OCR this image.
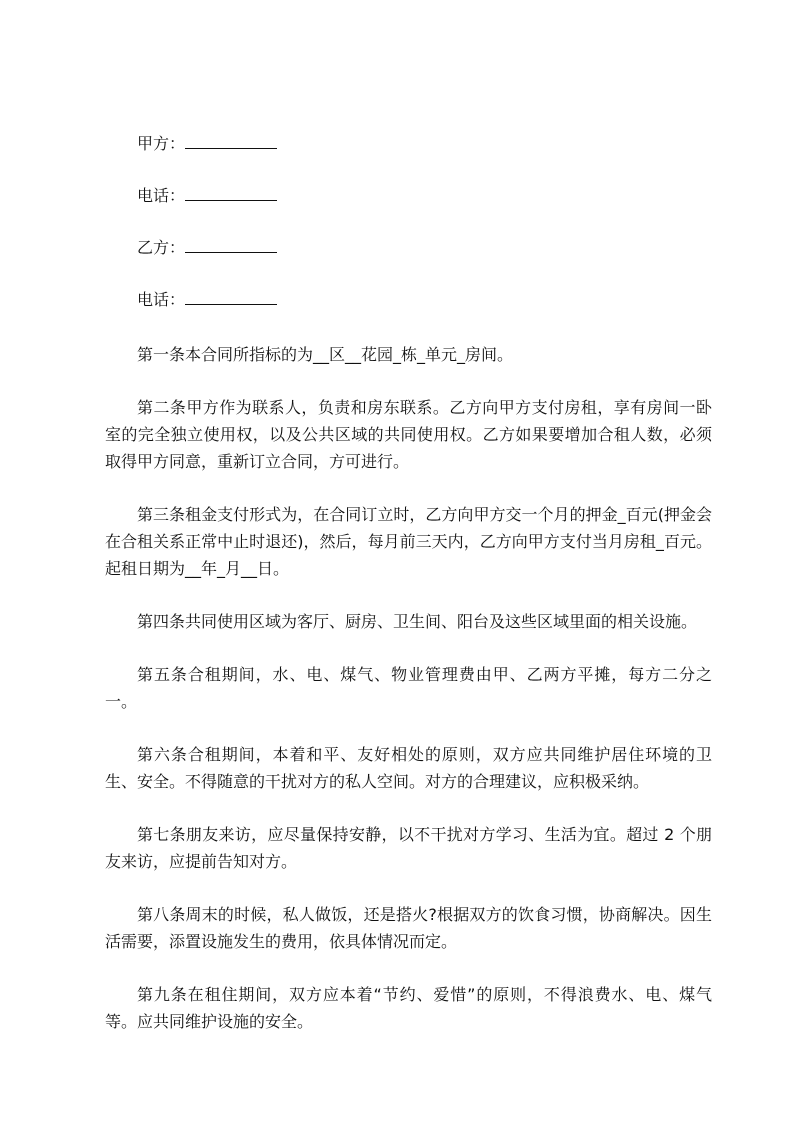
甲方：
电话：
乙方：
电话：

第一条本合同所指标的为__区__花园_栋_单元_房间。

第二条甲方作为联系人，负责和房东联系。乙方向甲方支付房租，享有房间一卧室的完全独立使用权，以及公共区域的共同使用权。乙方如果要增加合租人数，必须取得甲方同意，重新订立合同，方可进行。

第三条租金支付形式为，在合同订立时，乙方向甲方交一个月的押金_百元(押金会在合租关系正常中止时退还)，然后，每月前三天内，乙方向甲方支付当月房租_百元。起租日期为__年_月__日。

第四条共同使用区域为客厅、厨房、卫生间、阳台及这些区域里面的相关设施。

第五条合租期间，水、电、煤气、物业管理费由甲、乙两方平摊，每方二分之一。

第六条合租期间，本着和平、友好相处的原则，双方应共同维护居住环境的卫生、安全。不得随意的干扰对方的私人空间。对方的合理建议，应积极采纳。

第七条朋友来访，应尽量保持安静，以不干扰对方学习、生活为宜。超过 2 个朋友来访，应提前告知对方。

第八条周末的时候，私人做饭，还是搭火?根据双方的饮食习惯，协商解决。因生活需要，添置设施发生的费用，依具体情况而定。

第九条在租住期间，双方应本着“节约、爱惜”的原则，不得浪费水、电、煤气等。应共同维护设施的安全。
